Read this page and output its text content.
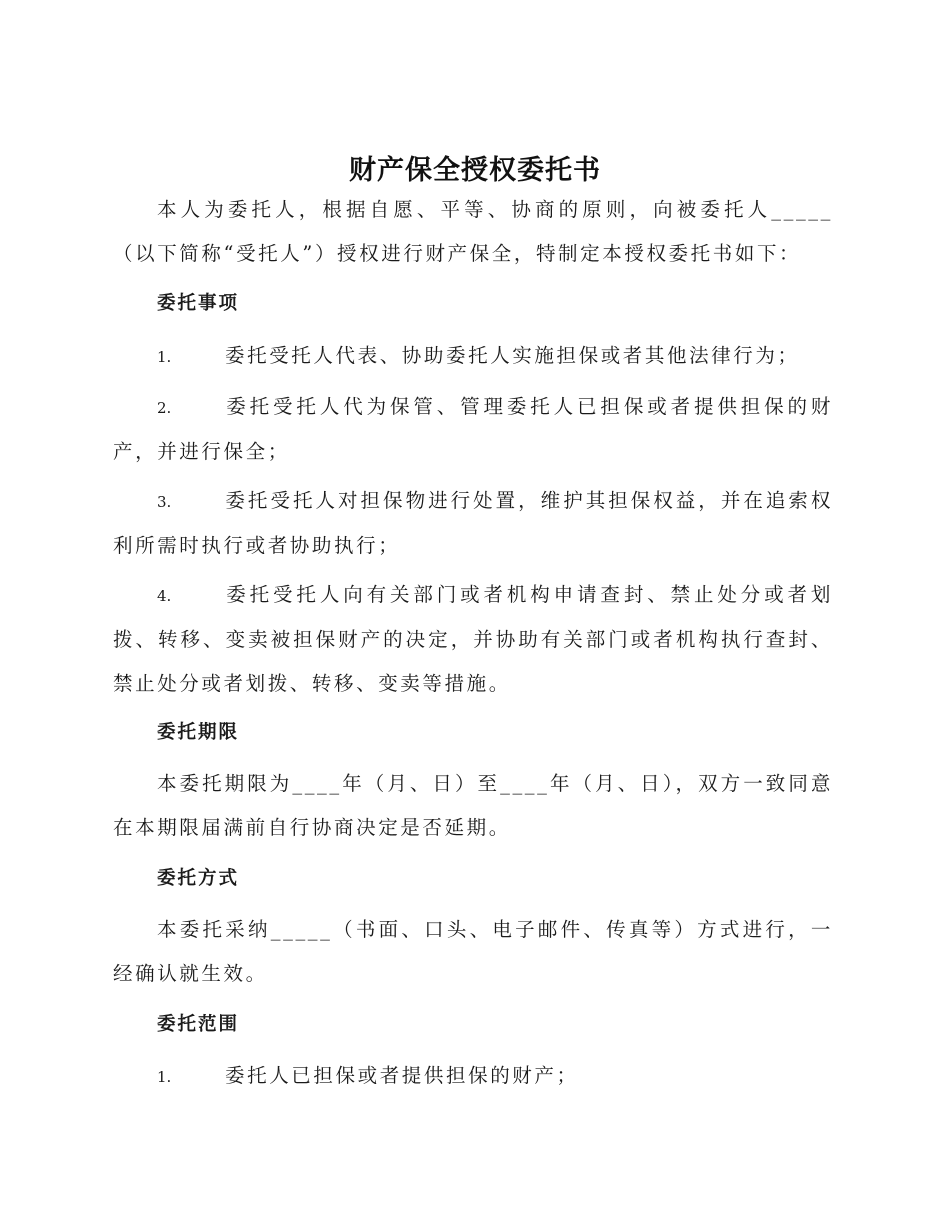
财产保全授权委托书
本人为委托人，根据自愿、平等、协商的原则，向被委托人_____（以下简称“受托人”）授权进行财产保全，特制定本授权委托书如下：
委托事项
1.	委托受托人代表、协助委托人实施担保或者其他法律行为；
2.	委托受托人代为保管、管理委托人已担保或者提供担保的财产，并进行保全；
3.	委托受托人对担保物进行处置，维护其担保权益，并在追索权利所需时执行或者协助执行；
4.	委托受托人向有关部门或者机构申请查封、禁止处分或者划拨、转移、变卖被担保财产的决定，并协助有关部门或者机构执行查封、禁止处分或者划拨、转移、变卖等措施。
委托期限
本委托期限为____年（月、日）至____年（月、日），双方一致同意在本期限届满前自行协商决定是否延期。
委托方式
本委托采纳_____（书面、口头、电子邮件、传真等）方式进行，一经确认就生效。
委托范围
1.	委托人已担保或者提供担保的财产；
